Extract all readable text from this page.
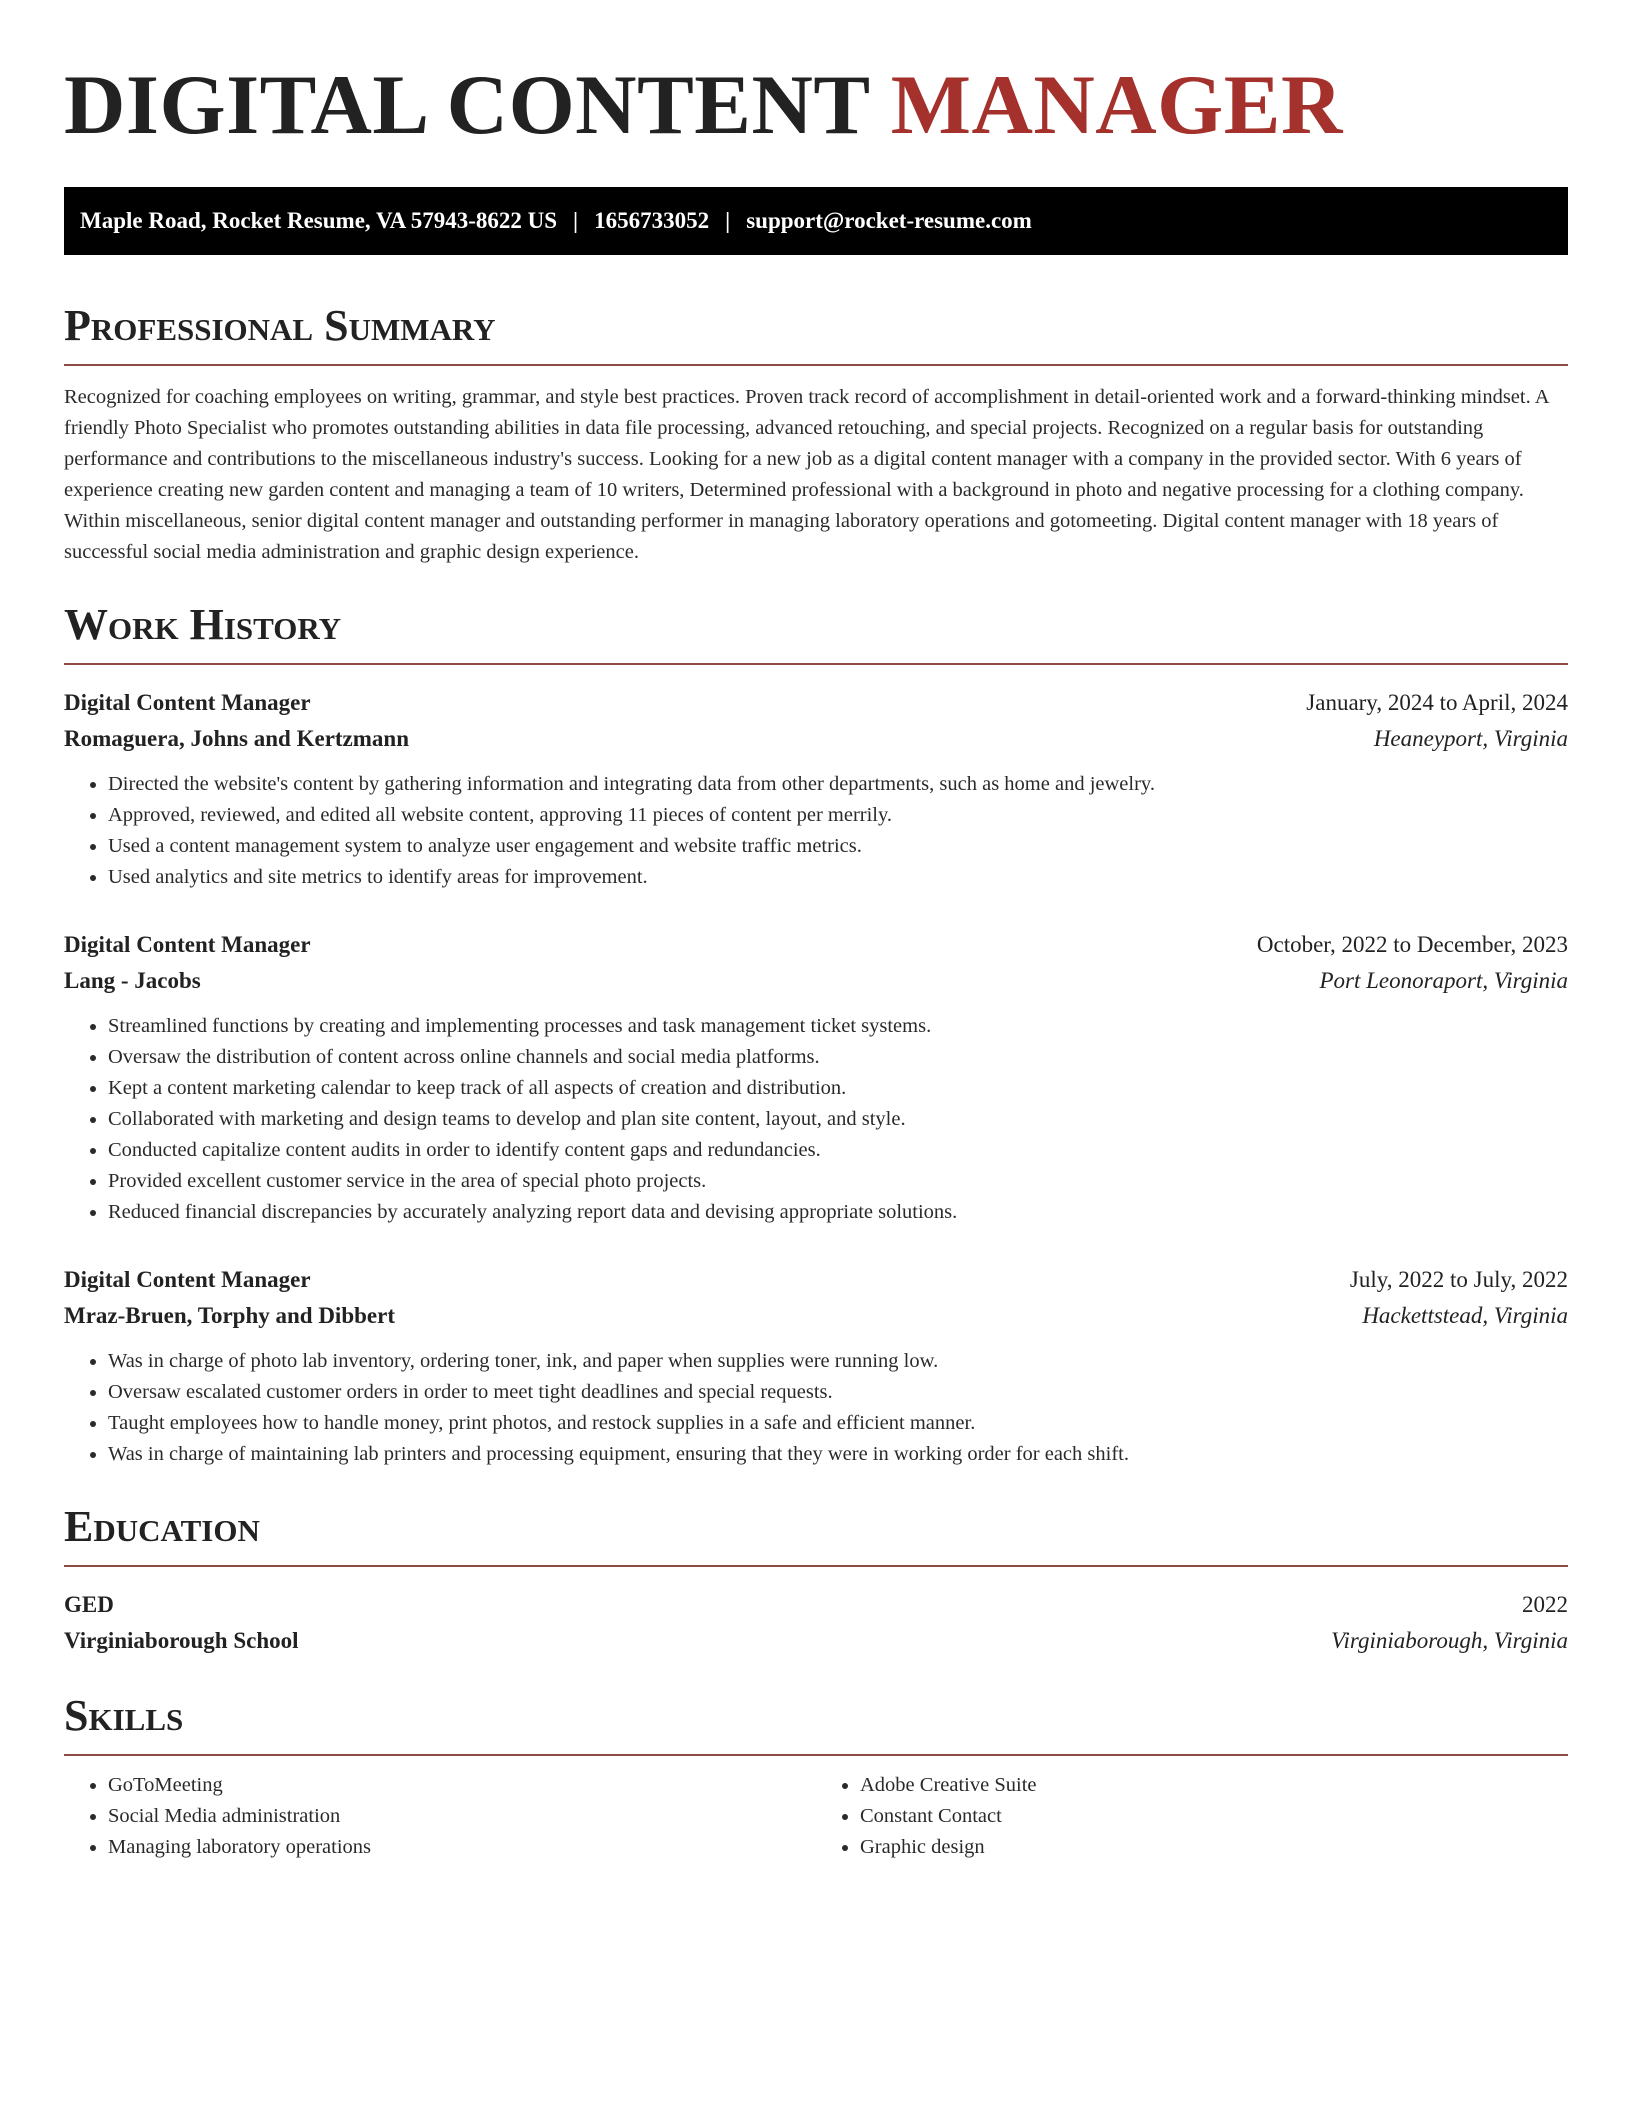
DIGITAL CONTENT MANAGER
Maple Road, Rocket Resume, VA 57943-8622 US | 1656733052 | support@rocket-resume.com
Professional Summary

Recognized for coaching employees on writing, grammar, and style best practices. Proven track record of accomplishment in detail-oriented work and a forward-thinking mindset. A friendly Photo Specialist who promotes outstanding abilities in data file processing, advanced retouching, and special projects. Recognized on a regular basis for outstanding performance and contributions to the miscellaneous industry's success. Looking for a new job as a digital content manager with a company in the provided sector. With 6 years of experience creating new garden content and managing a team of 10 writers, Determined professional with a background in photo and negative processing for a clothing company. Within miscellaneous, senior digital content manager and outstanding performer in managing laboratory operations and gotomeeting. Digital content manager with 18 years of successful social media administration and graphic design experience.

Work History
Digital Content Manager	January, 2024 to April, 2024
Romaguera, Johns and Kertzmann	Heaneyport, Virginia
• Directed the website's content by gathering information and integrating data from other departments, such as home and jewelry.
• Approved, reviewed, and edited all website content, approving 11 pieces of content per merrily.
• Used a content management system to analyze user engagement and website traffic metrics.
• Used analytics and site metrics to identify areas for improvement.
Digital Content Manager	October, 2022 to December, 2023
Lang - Jacobs	Port Leonoraport, Virginia
• Streamlined functions by creating and implementing processes and task management ticket systems.
• Oversaw the distribution of content across online channels and social media platforms.
• Kept a content marketing calendar to keep track of all aspects of creation and distribution.
• Collaborated with marketing and design teams to develop and plan site content, layout, and style.
• Conducted capitalize content audits in order to identify content gaps and redundancies.
• Provided excellent customer service in the area of special photo projects.
• Reduced financial discrepancies by accurately analyzing report data and devising appropriate solutions.
Digital Content Manager	July, 2022 to July, 2022
Mraz-Bruen, Torphy and Dibbert	Hackettstead, Virginia
• Was in charge of photo lab inventory, ordering toner, ink, and paper when supplies were running low.
• Oversaw escalated customer orders in order to meet tight deadlines and special requests.
• Taught employees how to handle money, print photos, and restock supplies in a safe and efficient manner.
• Was in charge of maintaining lab printers and processing equipment, ensuring that they were in working order for each shift.
Education
GED	2022
Virginiaborough School	Virginiaborough, Virginia
Skills
• GoToMeeting
• Social Media administration
• Managing laboratory operations
• Adobe Creative Suite
• Constant Contact
• Graphic design
